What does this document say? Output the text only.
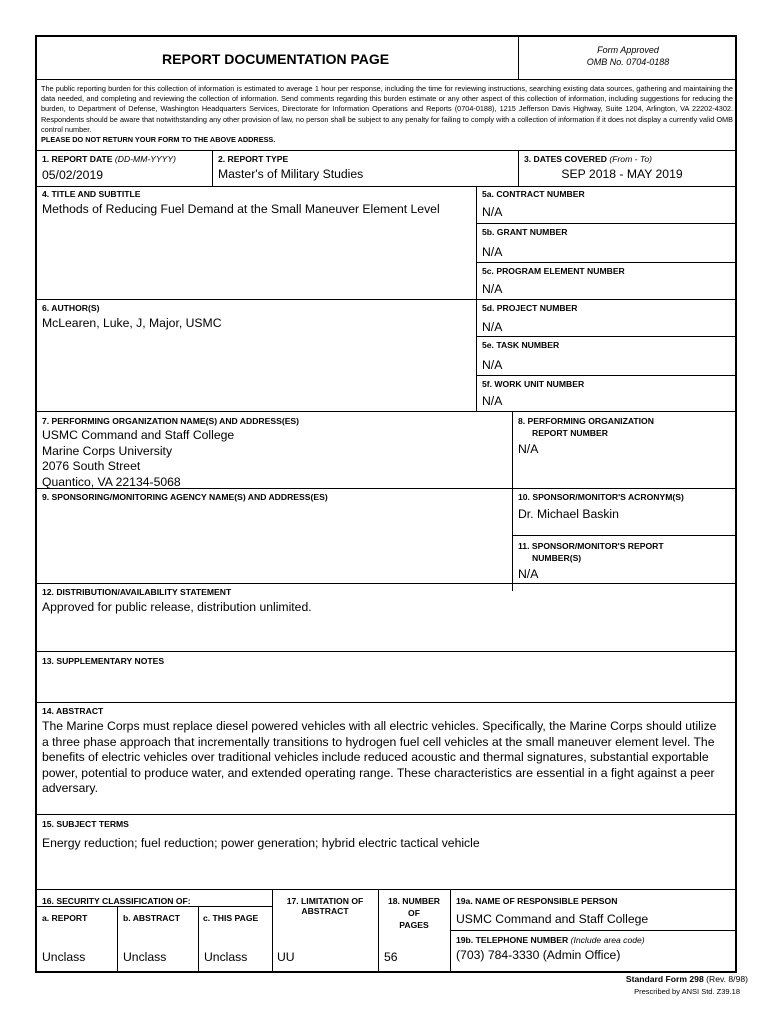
REPORT DOCUMENTATION PAGE
Form Approved
OMB No. 0704-0188
The public reporting burden for this collection of information is estimated to average 1 hour per response, including the time for reviewing instructions, searching existing data sources, gathering and maintaining the data needed, and completing and reviewing the collection of information. Send comments regarding this burden estimate or any other aspect of this collection of information, including suggestions for reducing the burden, to Department of Defense, Washington Headquarters Services, Directorate for Information Operations and Reports (0704-0188), 1215 Jefferson Davis Highway, Suite 1204, Arlington, VA 22202-4302. Respondents should be aware that notwithstanding any other provision of law, no person shall be subject to any penalty for failing to comply with a collection of information if it does not display a currently valid OMB control number.
PLEASE DO NOT RETURN YOUR FORM TO THE ABOVE ADDRESS.
1. REPORT DATE (DD-MM-YYYY)
05/02/2019
2. REPORT TYPE
Master's of Military Studies
3. DATES COVERED (From - To)
SEP 2018 - MAY 2019
4. TITLE AND SUBTITLE
Methods of Reducing Fuel Demand at the Small Maneuver Element Level
5a. CONTRACT NUMBER
N/A
5b. GRANT NUMBER
N/A
5c. PROGRAM ELEMENT NUMBER
N/A
6. AUTHOR(S)
McLearen, Luke, J, Major, USMC
5d. PROJECT NUMBER
N/A
5e. TASK NUMBER
N/A
5f. WORK UNIT NUMBER
N/A
7. PERFORMING ORGANIZATION NAME(S) AND ADDRESS(ES)
USMC Command and Staff College
Marine Corps University
2076 South Street
Quantico, VA 22134-5068
8. PERFORMING ORGANIZATION
REPORT NUMBER
N/A
9. SPONSORING/MONITORING AGENCY NAME(S) AND ADDRESS(ES)	10. SPONSOR/MONITOR'S ACRONYM(S)
Dr. Michael Baskin
11. SPONSOR/MONITOR'S REPORT
NUMBER(S)
N/A
12. DISTRIBUTION/AVAILABILITY STATEMENT
Approved for public release, distribution unlimited.
13. SUPPLEMENTARY NOTES
14. ABSTRACT
The Marine Corps must replace diesel powered vehicles with all electric vehicles. Specifically, the Marine Corps should utilize a three phase approach that incrementally transitions to hydrogen fuel cell vehicles at the small maneuver element level. The benefits of electric vehicles over traditional vehicles include reduced acoustic and thermal signatures, substantial exportable power, potential to produce water, and extended operating range. These characteristics are essential in a fight against a peer adversary.
15. SUBJECT TERMS
Energy reduction; fuel reduction; power generation; hybrid electric tactical vehicle
16. SECURITY CLASSIFICATION OF:
a. REPORT	b. ABSTRACT	c. THIS PAGE
Unclass	Unclass	Unclass
17. LIMITATION OF
ABSTRACT
UU
18. NUMBER
OF
PAGES
56
19a. NAME OF RESPONSIBLE PERSON
USMC Command and Staff College
19b. TELEPHONE NUMBER (Include area code)
(703) 784-3330 (Admin Office)
Standard Form 298 (Rev. 8/98)
Prescribed by ANSI Std. Z39.18
